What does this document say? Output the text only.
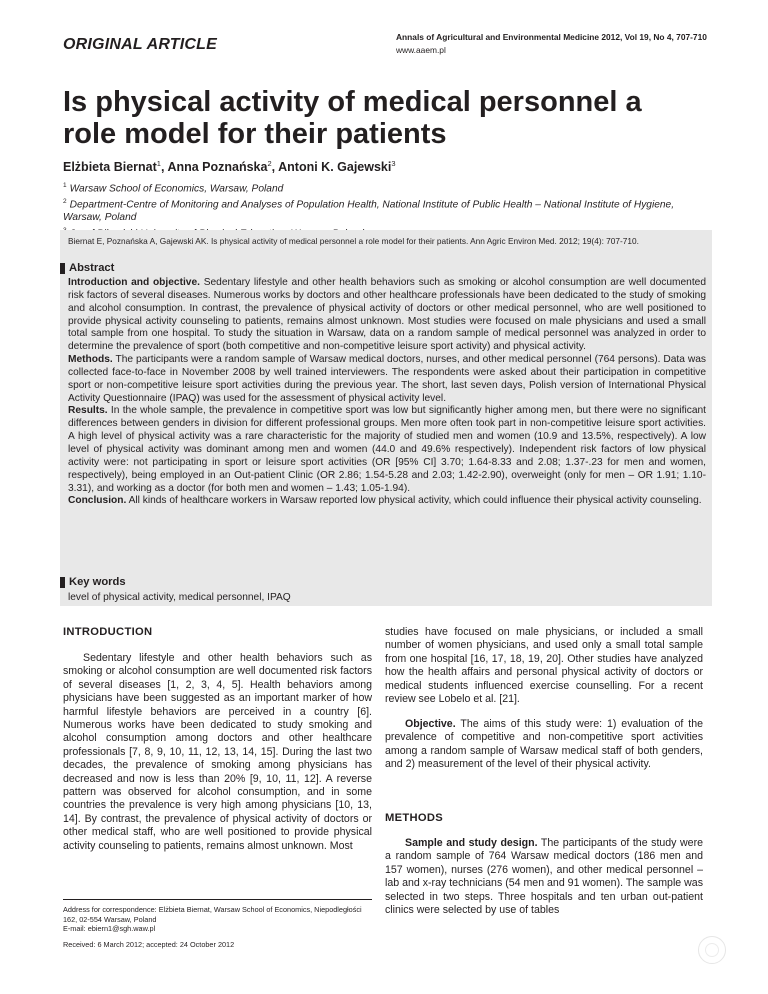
ORIGINAL ARTICLE	Annals of Agricultural and Environmental Medicine 2012, Vol 19, No 4, 707-710
www.aaem.pl
Is physical activity of medical personnel a role model for their patients
Elżbieta Biernat$^1$, Anna Poznańska$^2$, Antoni K. Gajewski$^3$
$^1$ Warsaw School of Economics, Warsaw, Poland
$^2$ Department-Centre of Monitoring and Analyses of Population Health, National Institute of Public Health – National Institute of Hygiene, Warsaw, Poland
Biernat E, Poznańska A, Gajewski AK. Is physical activity of medical personnel a role model for their patients. Ann Agric Environ Med. 2012; 19(4): 707-710.
Abstract
Introduction and objective. Sedentary lifestyle and other health behaviors such as smoking or alcohol consumption are well documented risk factors of several diseases. Numerous works by doctors and other healthcare professionals have been dedicated to the study of smoking and alcohol consumption. In contrast, the prevalence of physical activity of doctors or other medical personnel, who are well positioned to provide physical activity counseling to patients, remains almost unknown. Most studies were focused on male physicians and used a small total sample from one hospital. To study the situation in Warsaw, data on a random sample of medical personnel was analyzed in order to determine the prevalence of sport (both competitive and non-competitive leisure sport activity) and physical activity.
Methods. The participants were a random sample of Warsaw medical doctors, nurses, and other medical personnel (764 persons). Data was collected face-to-face in November 2008 by well trained interviewers. The respondents were asked about their participation in competitive sport or non-competitive leisure sport activities during the previous year. The short, last seven days, Polish version of International Physical Activity Questionnaire (IPAQ) was used for the assessment of physical activity level.
Results. In the whole sample, the prevalence in competitive sport was low but significantly higher among men, but there were no significant differences between genders in division for different professional groups. Men more often took part in non-competitive leisure sport activities. A high level of physical activity was a rare characteristic for the majority of studied men and women (10.9 and 13.5%, respectively). A low level of physical activity was dominant among men and women (44.0 and 49.6% respectively). Independent risk factors of low physical activity were: not participating in sport or leisure sport activities (OR [95% CI] 3.70; 1.64-8.33 and 2.08; 1.37-.23 for men and women, respectively), being employed in an Out-patient Clinic (OR 2.86; 1.54-5.28 and 2.03; 1.42-2.90), overweight (only for men – OR 1.91; 1.10-3.31), and working as a doctor (for both men and women – 1.43; 1.05-1.94).
Conclusion. All kinds of healthcare workers in Warsaw reported low physical activity, which could influence their physical activity counseling.
Key words
level of physical activity, medical personnel, IPAQ
INTRODUCTION
Sedentary lifestyle and other health behaviors such as smoking or alcohol consumption are well documented risk factors of several diseases [1, 2, 3, 4, 5]. Health behaviors among physicians have been suggested as an important marker of how harmful lifestyle behaviors are perceived in a country [6]. Numerous works have been dedicated to study smoking and alcohol consumption among doctors and other healthcare professionals [7, 8, 9, 10, 11, 12, 13, 14, 15]. During the last two decades, the prevalence of smoking among physicians has decreased and now is less than 20% [9, 10, 11, 12]. A reverse pattern was observed for alcohol consumption, and in some countries the prevalence is very high among physicians [10, 13, 14]. By contrast, the prevalence of physical activity of doctors or other medical staff, who are well positioned to provide physical activity counseling to patients, remains almost unknown. Most
Address for correspondence: Elżbieta Biernat, Warsaw School of Economics, Niepodległości 162, 02-554 Warsaw, Poland
E-mail: ebiern1@sgh.waw.pl
Received: 6 March 2012; accepted: 24 October 2012
studies have focused on male physicians, or included a small number of women physicians, and used only a small total sample from one hospital [16, 17, 18, 19, 20]. Other studies have analyzed how the health affairs and personal physical activity of doctors or medical students influenced exercise counselling. For a recent review see Lobelo et al. [21].
Objective. The aims of this study were: 1) evaluation of the prevalence of competitive and non-competitive sport activities among a random sample of Warsaw medical staff of both genders, and 2) measurement of the level of their physical activity.
METHODS
Sample and study design. The participants of the study were a random sample of 764 Warsaw medical doctors (186 men and 157 women), nurses (276 women), and other medical personnel – lab and x-ray technicians (54 men and 91 women). The sample was selected in two steps. Three hospitals and ten urban out-patient clinics were selected by use of tables
